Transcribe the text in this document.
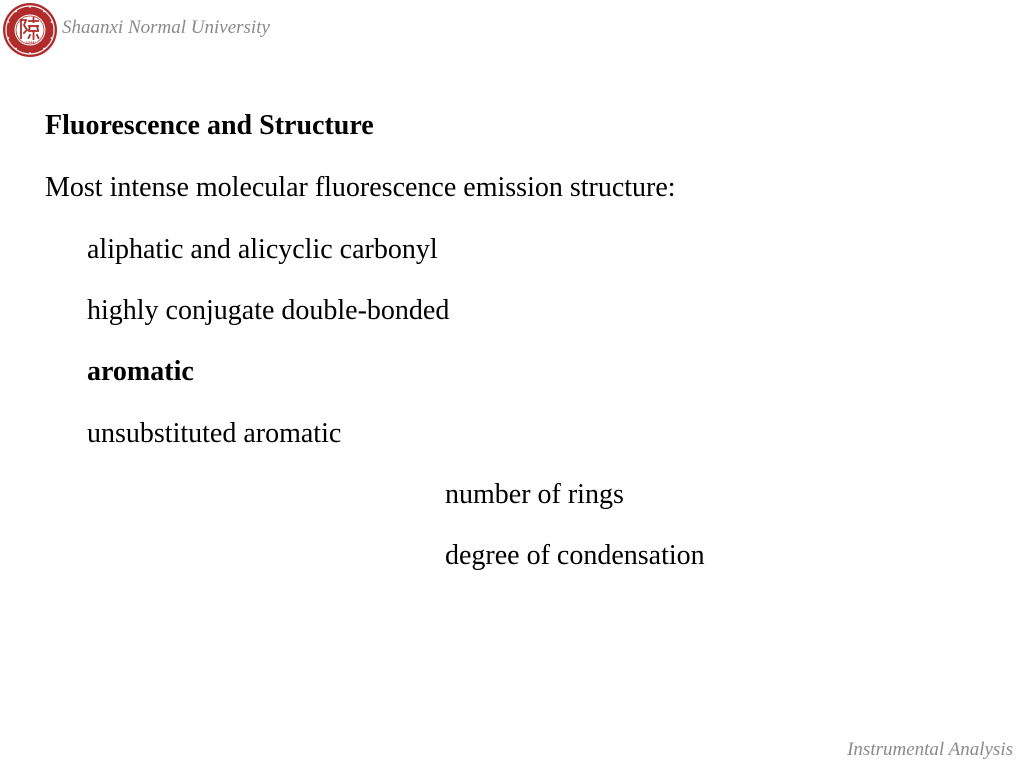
1944
Shaanxi Normal University
Fluorescence and Structure
Most intense molecular fluorescence emission structure:
aliphatic and alicyclic carbonyl
highly conjugate double-bonded
aromatic
unsubstituted aromatic
number of rings
degree of condensation
Instrumental Analysis
